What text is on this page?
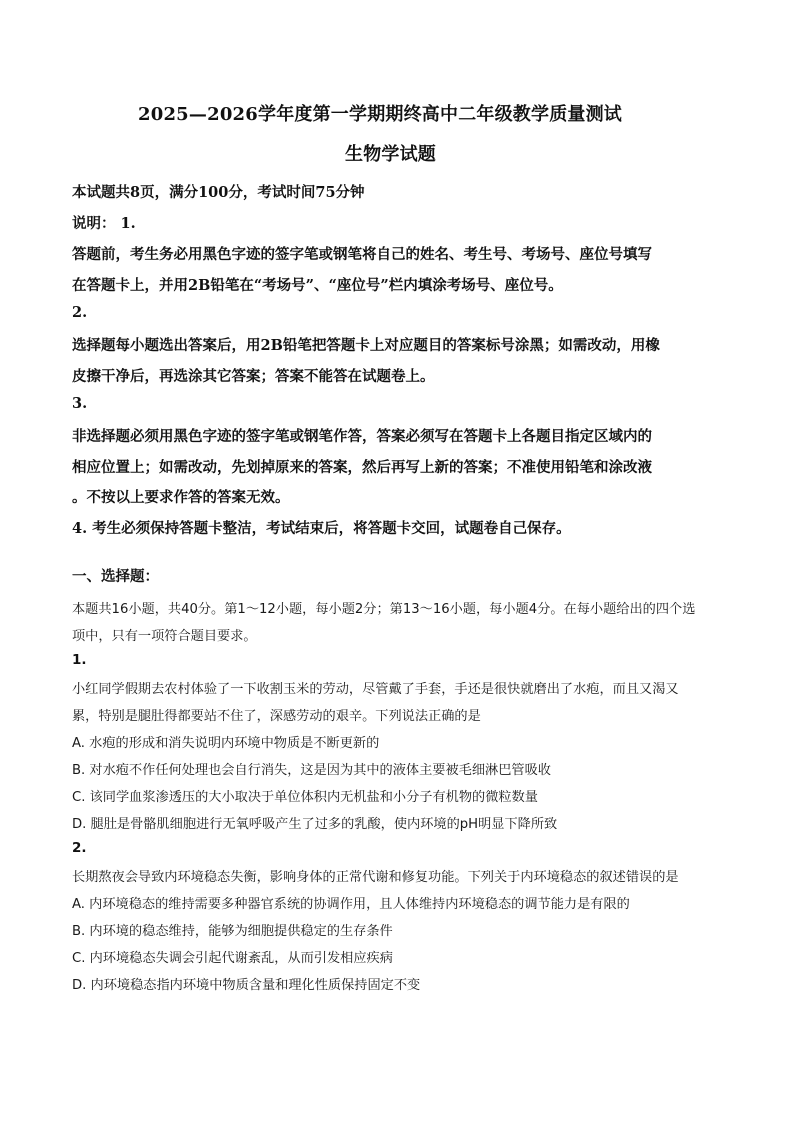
2025—2026学年度第一学期期终高中二年级教学质量测试
生物学试题
本试题共8页，满分100分，考试时间75分钟
说明： 1.
答题前，考生务必用黑色字迹的签字笔或钢笔将自己的姓名、考生号、考场号、座位号填写
在答题卡上，并用2B铅笔在“考场号”、“座位号”栏内填涂考场号、座位号。
2.
选择题每小题选出答案后，用2B铅笔把答题卡上对应题目的答案标号涂黑；如需改动，用橡
皮擦干净后，再选涂其它答案；答案不能答在试题卷上。
3.
非选择题必须用黑色字迹的签字笔或钢笔作答，答案必须写在答题卡上各题目指定区域内的
相应位置上；如需改动，先划掉原来的答案，然后再写上新的答案；不准使用铅笔和涂改液
。不按以上要求作答的答案无效。
4. 考生必须保持答题卡整洁，考试结束后，将答题卡交回，试题卷自己保存。
一、选择题：
本题共16小题，共40分。第1～12小题，每小题2分；第13～16小题，每小题4分。在每小题给出的四个选
项中，只有一项符合题目要求。
1.
小红同学假期去农村体验了一下收割玉米的劳动，尽管戴了手套，手还是很快就磨出了水疱，而且又渴又
累，特别是腿肚得都要站不住了，深感劳动的艰辛。下列说法正确的是
A. 水疱的形成和消失说明内环境中物质是不断更新的
B. 对水疱不作任何处理也会自行消失，这是因为其中的液体主要被毛细淋巴管吸收
C. 该同学血浆渗透压的大小取决于单位体积内无机盐和小分子有机物的微粒数量
D. 腿肚是骨骼肌细胞进行无氧呼吸产生了过多的乳酸，使内环境的pH明显下降所致
2.
长期熬夜会导致内环境稳态失衡，影响身体的正常代谢和修复功能。下列关于内环境稳态的叙述错误的是
A. 内环境稳态的维持需要多种器官系统的协调作用，且人体维持内环境稳态的调节能力是有限的
B. 内环境的稳态维持，能够为细胞提供稳定的生存条件
C. 内环境稳态失调会引起代谢紊乱，从而引发相应疾病
D. 内环境稳态指内环境中物质含量和理化性质保持固定不变
